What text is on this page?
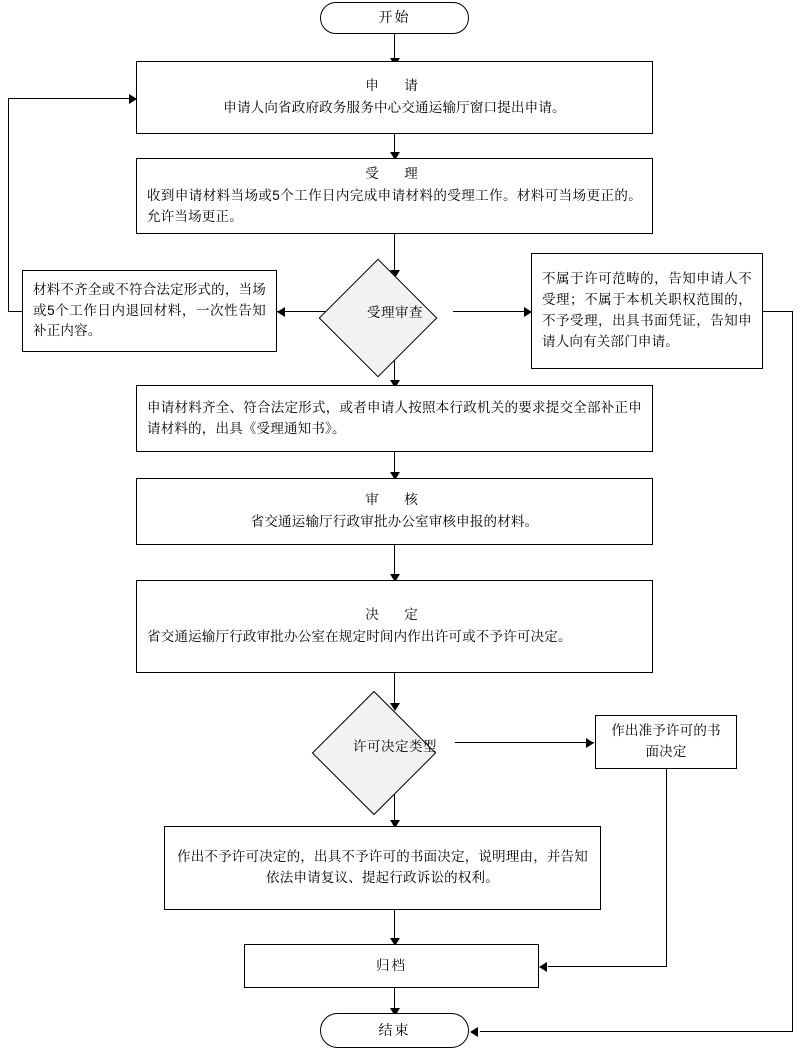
开始
申　请
申请人向省政府政务服务中心交通运输厅窗口提出申请。
受　理
收到申请材料当场或5个工作日内完成申请材料的受理工作。材料可当场更正的。允许当场更正。
受理审查
材料不齐全或不符合法定形式的，当场或5个工作日内退回材料，一次性告知补正内容。
不属于许可范畴的，告知申请人不受理；不属于本机关职权范围的，不予受理，出具书面凭证，告知申请人向有关部门申请。
申请材料齐全、符合法定形式，或者申请人按照本行政机关的要求提交全部补正申请材料的，出具《受理通知书》。
审　核
省交通运输厅行政审批办公室审核申报的材料。
决　定
省交通运输厅行政审批办公室在规定时间内作出许可或不予许可决定。
许可决定类型
作出准予许可的书面决定
作出不予许可决定的，出具不予许可的书面决定，说明理由，并告知依法申请复议、提起行政诉讼的权利。
归档
结束
